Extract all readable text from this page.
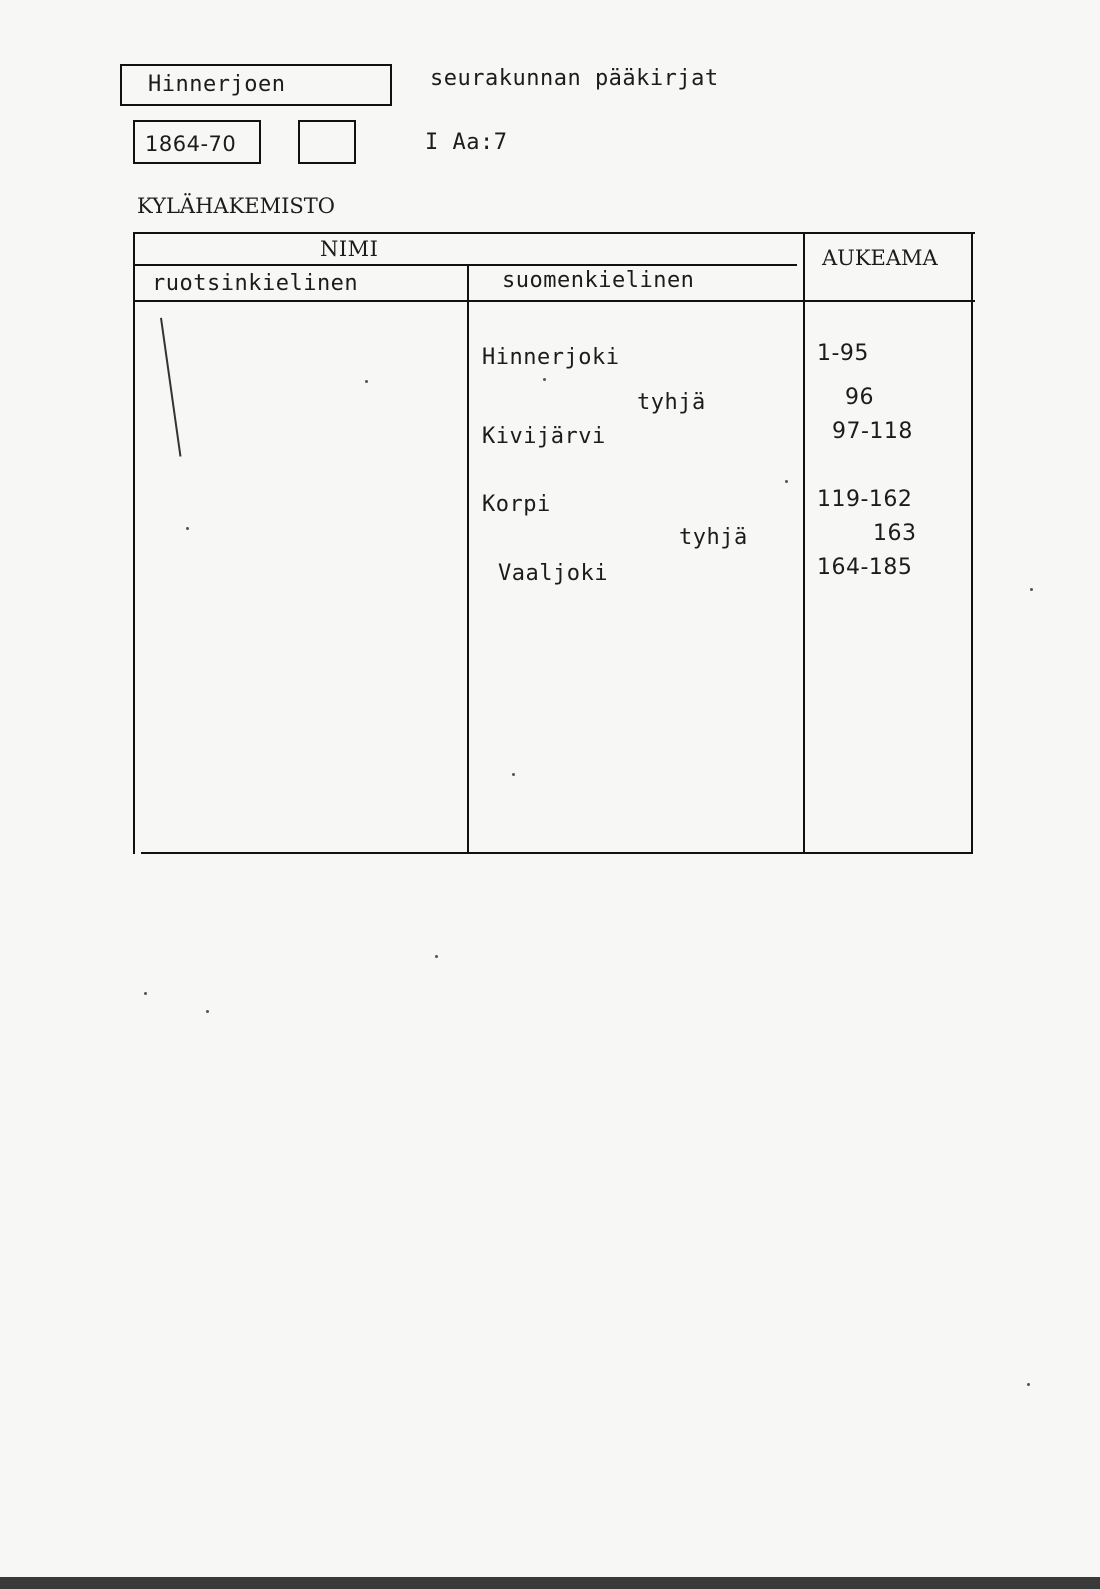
Hinnerjoen	seurakunnan pääkirjat
1864-70	I Aa:7
KYLÄHAKEMISTO
NIMI
ruotsinkielinen	suomenkielinen
AUKEAMA
Hinnerjoki	1-95
tyhjä	96
Kivijärvi	97-118
Korpi	119-162
tyhjä	163
Vaaljoki	164-185
